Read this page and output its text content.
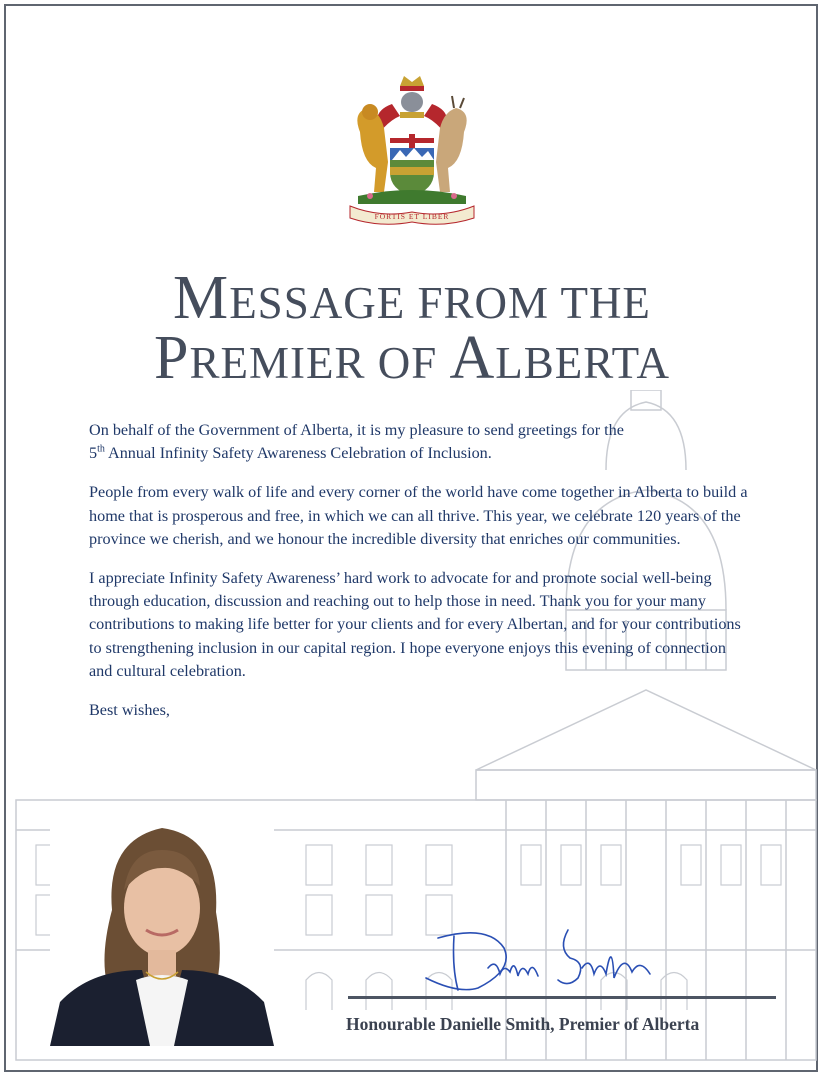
FORTIS ET LIBER
MESSAGE FROM THE
PREMIER OF ALBERTA

On behalf of the Government of Alberta, it is my pleasure to send greetings for the
5th Annual Infinity Safety Awareness Celebration of Inclusion.

People from every walk of life and every corner of the world have come together in Alberta to build a home that is prosperous and free, in which we can all thrive. This year, we celebrate 120 years of the province we cherish, and we honour the incredible diversity that enriches our communities.

I appreciate Infinity Safety Awareness’ hard work to advocate for and promote social well-being through education, discussion and reaching out to help those in need. Thank you for your many contributions to making life better for your clients and for every Albertan, and for your contributions to strengthening inclusion in our capital region. I hope everyone enjoys this evening of connection and cultural celebration.

Best wishes,

Honourable Danielle Smith, Premier of Alberta
